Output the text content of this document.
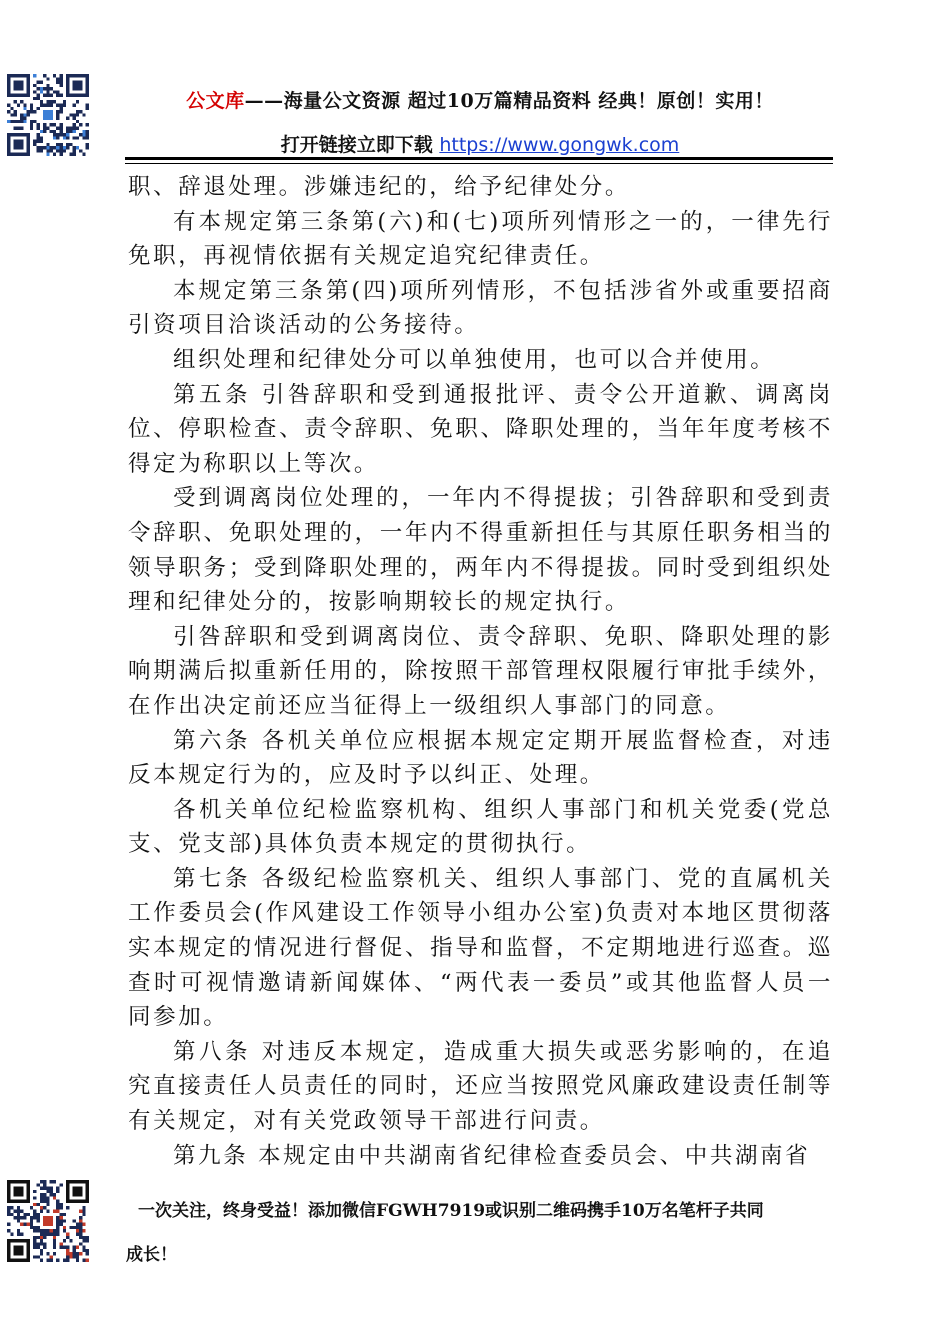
公文库——海量公文资源 超过10万篇精品资料 经典！原创！实用！
打开链接立即下载 https://www.gongwk.com

职、辞退处理。涉嫌违纪的，给予纪律处分。

有本规定第三条第(六)和(七)项所列情形之一的，一律先行免职，再视情依据有关规定追究纪律责任。

本规定第三条第(四)项所列情形，不包括涉省外或重要招商引资项目洽谈活动的公务接待。

组织处理和纪律处分可以单独使用，也可以合并使用。

第五条 引咎辞职和受到通报批评、责令公开道歉、调离岗位、停职检查、责令辞职、免职、降职处理的，当年年度考核不得定为称职以上等次。

受到调离岗位处理的，一年内不得提拔；引咎辞职和受到责令辞职、免职处理的，一年内不得重新担任与其原任职务相当的领导职务；受到降职处理的，两年内不得提拔。同时受到组织处理和纪律处分的，按影响期较长的规定执行。

引咎辞职和受到调离岗位、责令辞职、免职、降职处理的影响期满后拟重新任用的，除按照干部管理权限履行审批手续外，在作出决定前还应当征得上一级组织人事部门的同意。

第六条 各机关单位应根据本规定定期开展监督检查，对违反本规定行为的，应及时予以纠正、处理。

各机关单位纪检监察机构、组织人事部门和机关党委(党总支、党支部)具体负责本规定的贯彻执行。

第七条 各级纪检监察机关、组织人事部门、党的直属机关工作委员会(作风建设工作领导小组办公室)负责对本地区贯彻落实本规定的情况进行督促、指导和监督，不定期地进行巡查。巡查时可视情邀请新闻媒体、“两代表一委员”或其他监督人员一同参加。

第八条 对违反本规定，造成重大损失或恶劣影响的，在追究直接责任人员责任的同时，还应当按照党风廉政建设责任制等有关规定，对有关党政领导干部进行问责。

第九条 本规定由中共湖南省纪律检查委员会、中共湖南省

一次关注，终身受益！添加微信FGWH7919或识别二维码携手10万名笔杆子共同
成长！
